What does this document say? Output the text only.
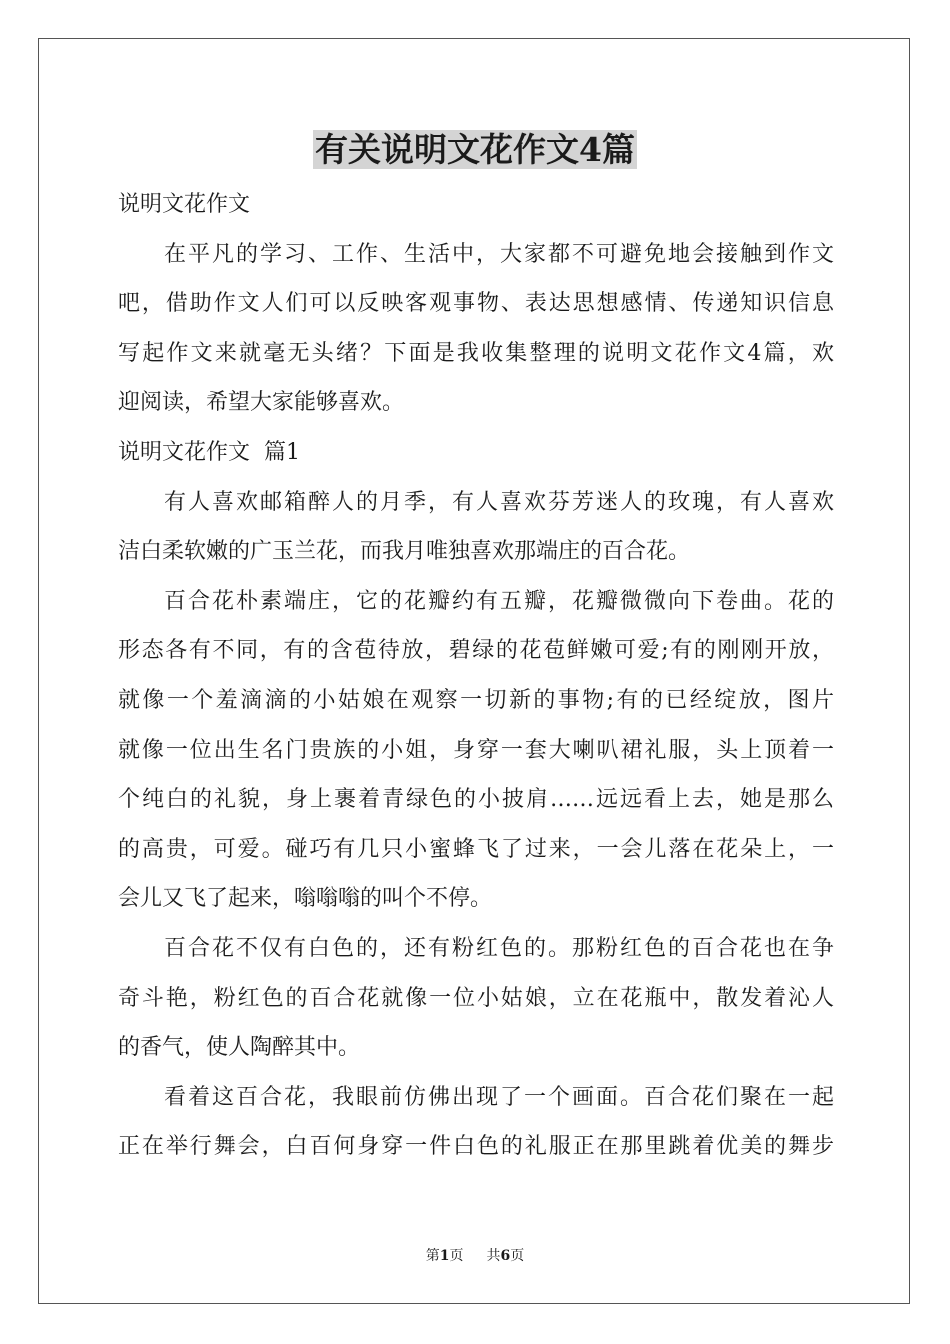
有关说明文花作文4篇
说明文花作文
在平凡的学习、工作、生活中，大家都不可避免地会接触到作文
吧，借助作文人们可以反映客观事物、表达思想感情、传递知识信息
写起作文来就毫无头绪？下面是我收集整理的说明文花作文4篇，欢
迎阅读，希望大家能够喜欢。
说明文花作文  篇1
有人喜欢邮箱醉人的月季，有人喜欢芬芳迷人的玫瑰，有人喜欢
洁白柔软嫩的广玉兰花，而我月唯独喜欢那端庄的百合花。
百合花朴素端庄，它的花瓣约有五瓣，花瓣微微向下卷曲。花的
形态各有不同，有的含苞待放，碧绿的花苞鲜嫩可爱;有的刚刚开放，
就像一个羞滴滴的小姑娘在观察一切新的事物;有的已经绽放，图片
就像一位出生名门贵族的小姐，身穿一套大喇叭裙礼服，头上顶着一
个纯白的礼貌，身上裹着青绿色的小披肩……远远看上去，她是那么
的高贵，可爱。碰巧有几只小蜜蜂飞了过来，一会儿落在花朵上，一
会儿又飞了起来，嗡嗡嗡的叫个不停。
百合花不仅有白色的，还有粉红色的。那粉红色的百合花也在争
奇斗艳，粉红色的百合花就像一位小姑娘，立在花瓶中，散发着沁人
的香气，使人陶醉其中。
看着这百合花，我眼前仿佛出现了一个画面。百合花们聚在一起
正在举行舞会，白百何身穿一件白色的礼服正在那里跳着优美的舞步
第1页 共6页
